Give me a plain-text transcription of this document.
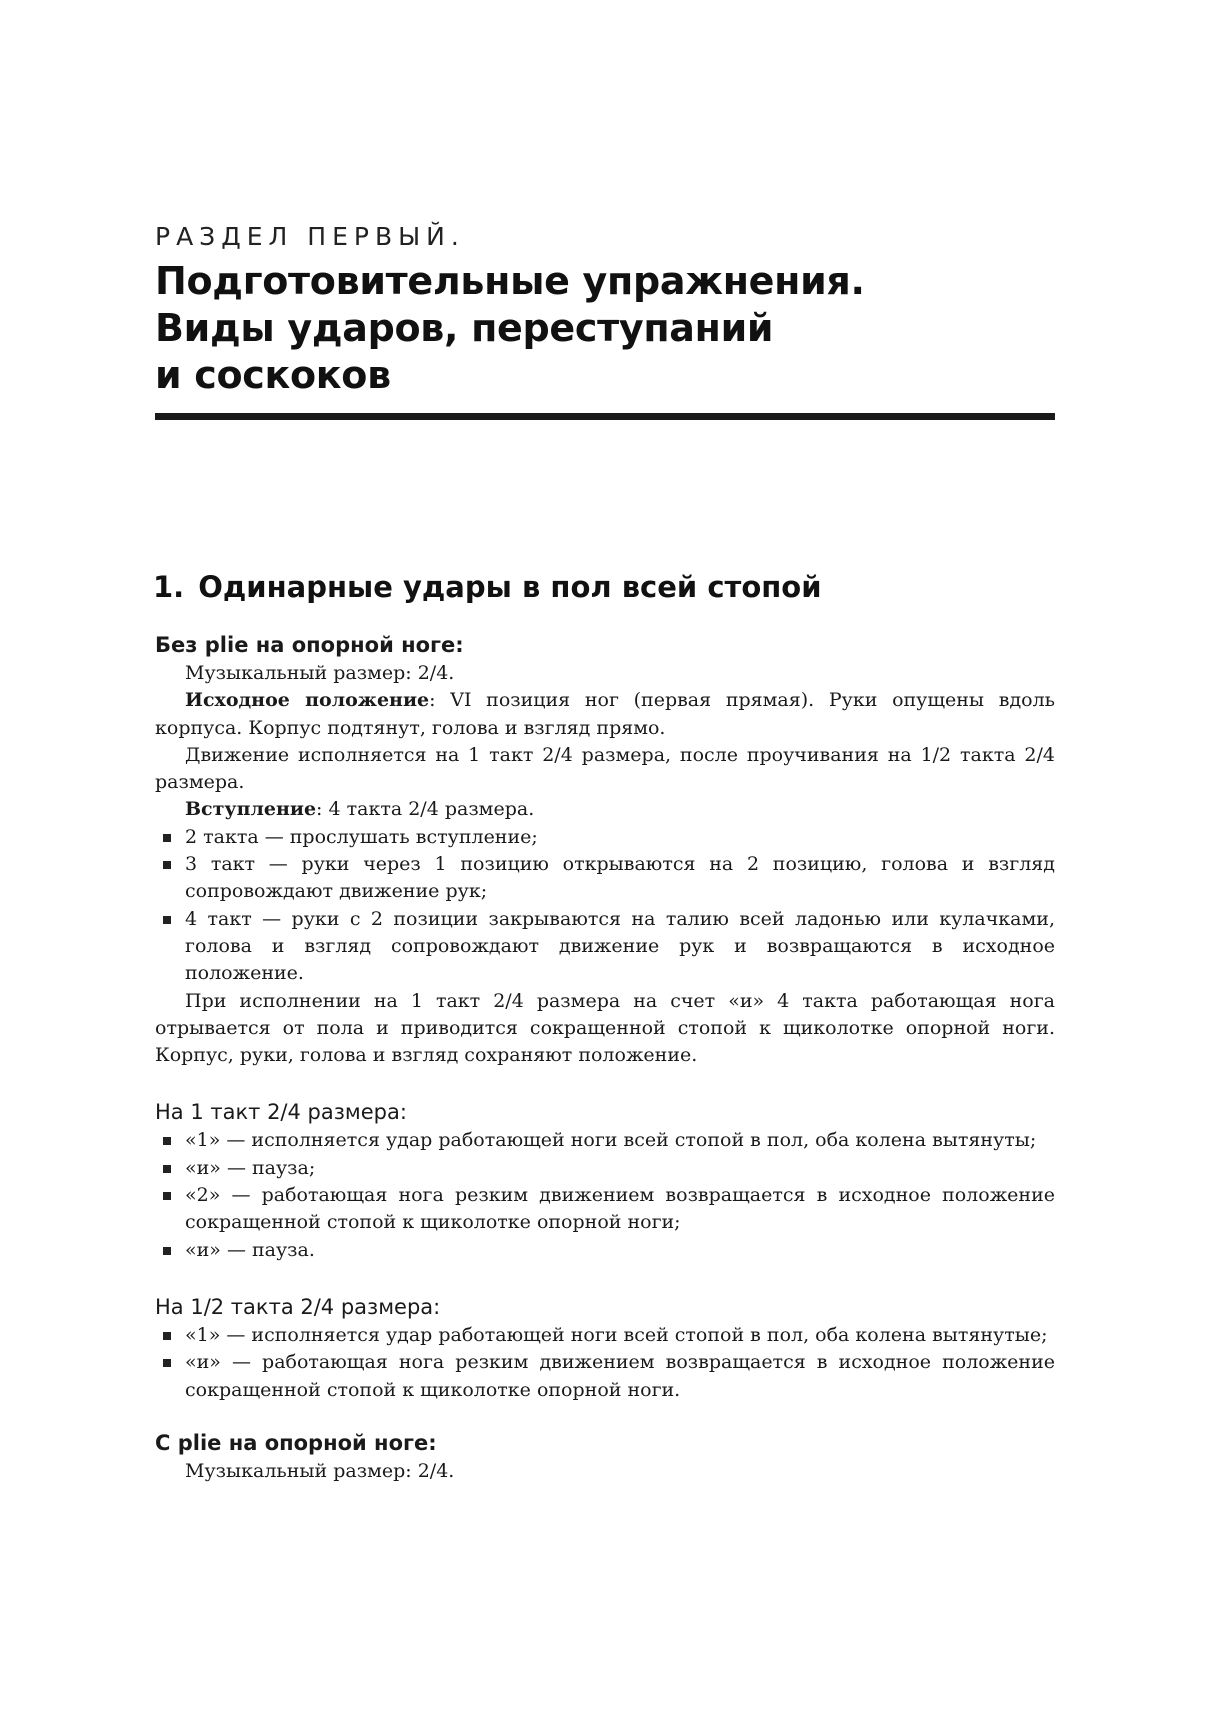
РАЗДЕЛ ПЕРВЫЙ.
Подготовительные упражнения.
Виды ударов, переступаний
и соскоков
1. Одинарные удары в пол всей стопой
Без plie на опорной ноге:

Музыкальный размер: 2/4.

Исходное положение: VI позиция ног (первая прямая). Руки опущены вдоль корпуса. Корпус подтянут, голова и взгляд прямо.

Движение исполняется на 1 такт 2/4 размера, после проучивания на 1/2 такта 2/4 размера.

Вступление: 4 такта 2/4 размера.

2 такта — прослушать вступление;
3 такт — руки через 1 позицию открываются на 2 позицию, голова и взгляд сопровождают движение рук;
4 такт — руки с 2 позиции закрываются на талию всей ладонью или кулачками, голова и взгляд сопровождают движение рук и возвращаются в исходное положение.

При исполнении на 1 такт 2/4 размера на счет «и» 4 такта работающая нога отрывается от пола и приводится сокращенной стопой к щиколотке опорной ноги. Корпус, руки, голова и взгляд сохраняют положение.

На 1 такт 2/4 размера:
«1» — исполняется удар работающей ноги всей стопой в пол, оба колена вытянуты;
«и» — пауза;
«2» — работающая нога резким движением возвращается в исходное положение сокращенной стопой к щиколотке опорной ноги;
«и» — пауза.
На 1/2 такта 2/4 размера:
«1» — исполняется удар работающей ноги всей стопой в пол, оба колена вытянутые;
«и» — работающая нога резким движением возвращается в исходное положение сокращенной стопой к щиколотке опорной ноги.
С plie на опорной ноге:

Музыкальный размер: 2/4.
